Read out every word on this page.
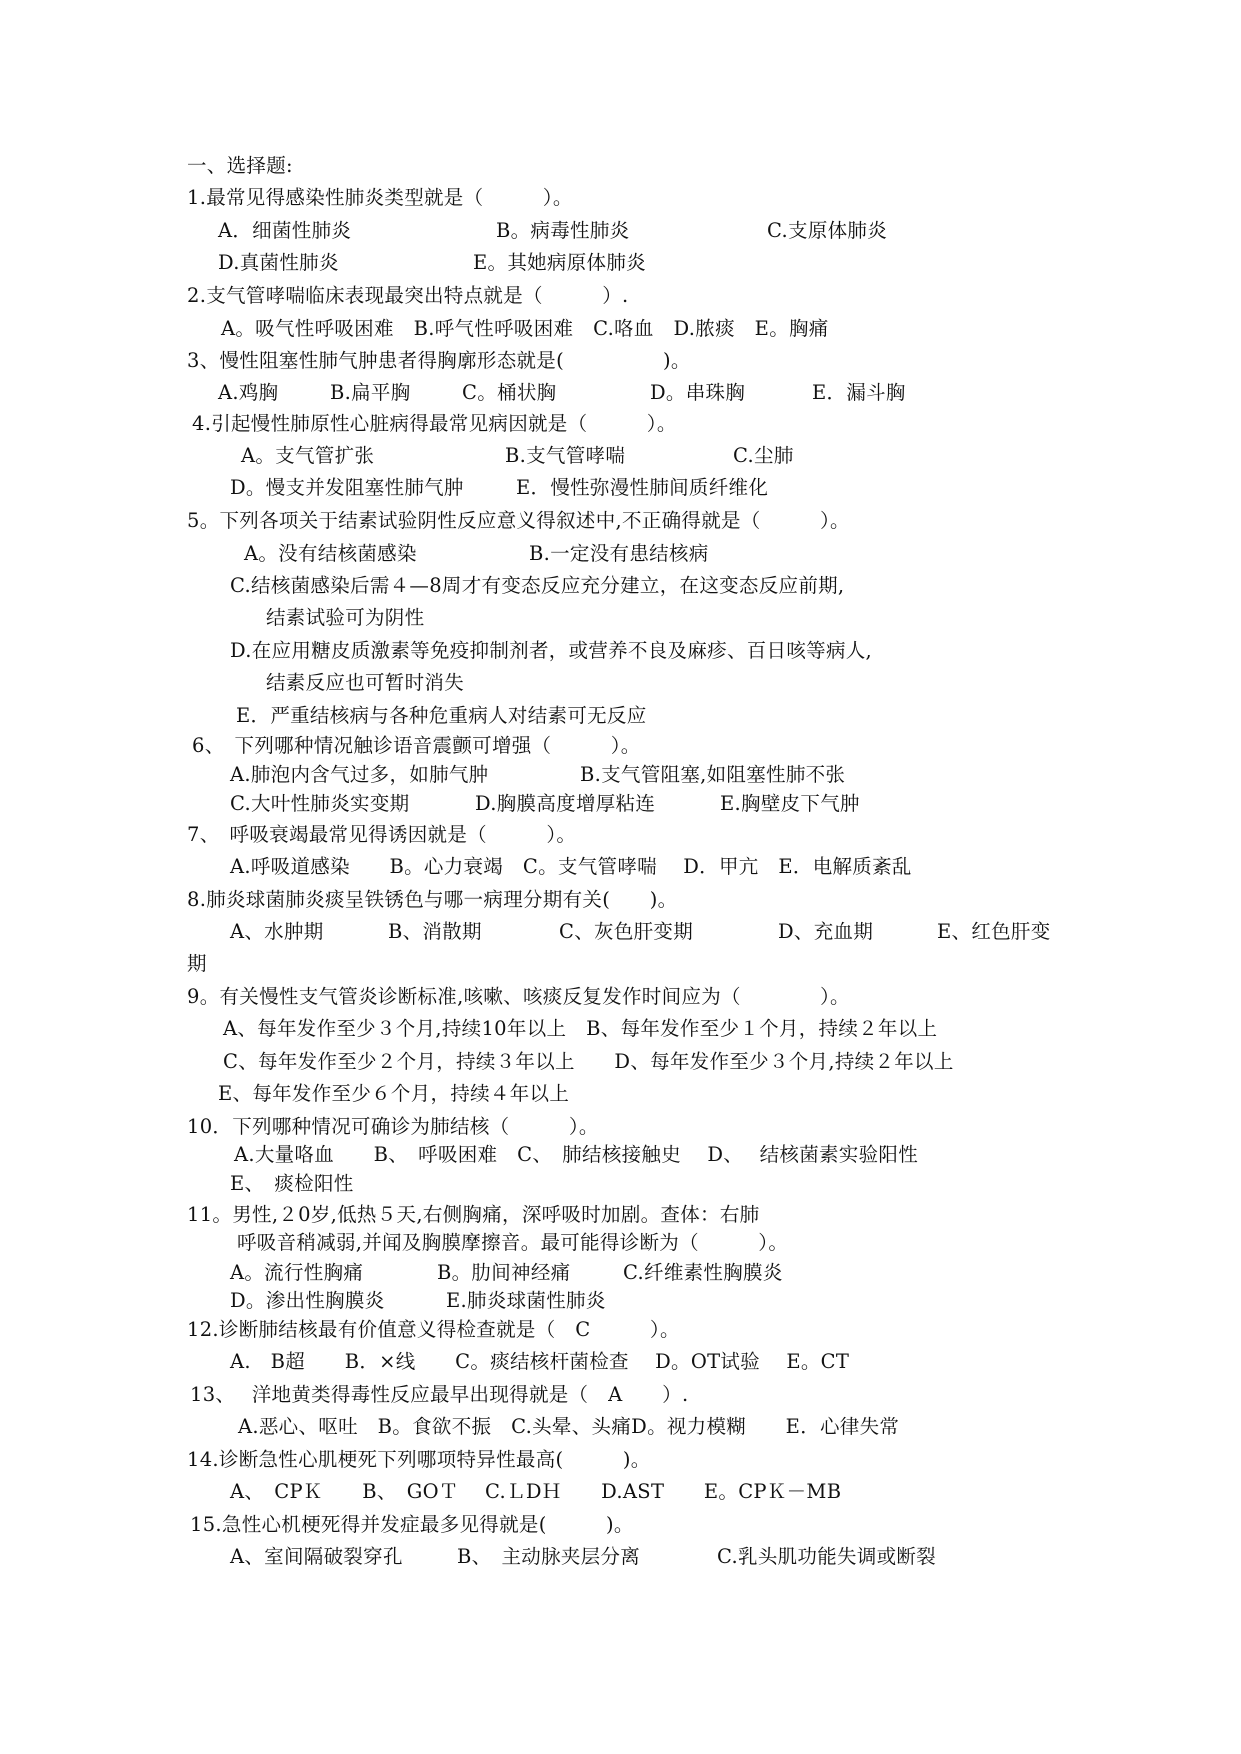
一、选择题:
1.最常见得感染性肺炎类型就是（　　　）。
A．细菌性肺炎	B。病毒性肺炎	C.支原体肺炎
D.真菌性肺炎	E。其她病原体肺炎
2.支气管哮喘临床表现最突出特点就是（　　　）.
A。吸气性呼吸困难　B.呼气性呼吸困难　C.咯血　D.脓痰　E。胸痛
3、慢性阻塞性肺气肿患者得胸廓形态就是(　　　　　)。
A.鸡胸	B.扁平胸	C。桶状胸	D。串珠胸	E．漏斗胸
4.引起慢性肺原性心脏病得最常见病因就是（　　　）。
A。支气管扩张	B.支气管哮喘	C.尘肺
D。慢支并发阻塞性肺气肿	E．慢性弥漫性肺间质纤维化
5。下列各项关于结素试验阴性反应意义得叙述中,不正确得就是（　　　）。
A。没有结核菌感染	B.一定没有患结核病
C.结核菌感染后需４—8周才有变态反应充分建立，在这变态反应前期,
结素试验可为阴性
D.在应用糖皮质激素等免疫抑制剂者，或营养不良及麻疹、百日咳等病人,
结素反应也可暂时消失
E．严重结核病与各种危重病人对结素可无反应
6、　下列哪种情况触诊语音震颤可增强（　　　）。
A.肺泡内含气过多，如肺气肿	B.支气管阻塞,如阻塞性肺不张
C.大叶性肺炎实变期	D.胸膜高度增厚粘连	E.胸壁皮下气肿
7、　呼吸衰竭最常见得诱因就是（　　　）。
A.呼吸道感染　　B。心力衰竭　C。支气管哮喘　 D．甲亢　E．电解质紊乱
8.肺炎球菌肺炎痰呈铁锈色与哪一病理分期有关(　　)。
A、水肿期	B、消散期	C、灰色肝变期	D、充血期	E、红色肝变
期
9。有关慢性支气管炎诊断标准,咳嗽、咳痰反复发作时间应为（　　　　）。
A、每年发作至少３个月,持续10年以上　B、每年发作至少１个月，持续２年以上
C、每年发作至少２个月，持续３年以上　　D、每年发作至少３个月,持续２年以上
E、每年发作至少６个月，持续４年以上
10．下列哪种情况可确诊为肺结核（　　　）。
A.大量咯血　　B、　呼吸困难　C、　肺结核接触史　 D、　 结核菌素实验阳性
E、　痰检阳性
11。男性,２0岁,低热５天,右侧胸痛，深呼吸时加剧。查体：右肺
呼吸音稍减弱,并闻及胸膜摩擦音。最可能得诊断为（　　　）。
A。流行性胸痛	B。肋间神经痛	C.纤维素性胸膜炎
D。渗出性胸膜炎	E.肺炎球菌性肺炎
12.诊断肺结核最有价值意义得检查就是（　C　　　）。
A.　B超　　B．×线　　C。痰结核杆菌检查　 D。OT试验　 E。CT
13、　 洋地黄类得毒性反应最早出现得就是（　A　　）.
A.恶心、呕吐　B。食欲不振　C.头晕、头痛D。视力模糊　　E．心律失常
14.诊断急性心肌梗死下列哪项特异性最高(　　　)。
A、　CPＫ　　B、　GOＴ　 C.ＬDＨ　　D.AST　　E。CPＫ－MB
15.急性心机梗死得并发症最多见得就是(　　　)。
A、室间隔破裂穿孔	B、　主动脉夹层分离	C.乳头肌功能失调或断裂
